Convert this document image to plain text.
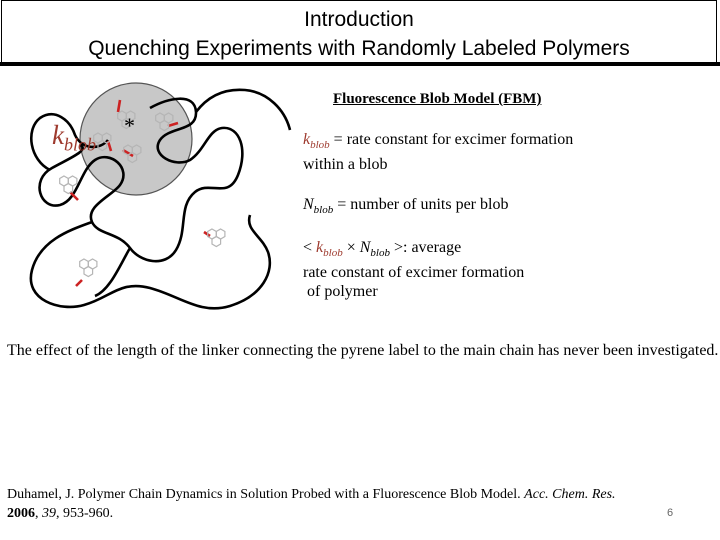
Introduction
Quenching Experiments with Randomly Labeled Polymers
*
$k_{blob}$
Fluorescence Blob Model (FBM)
$k_{blob}$ = rate constant for excimer formation
within a blob
$N_{blob}$ = number of units per blob
< $k_{blob} \times N_{blob}$ >: average
rate constant of excimer formation
of polymer
The effect of the length of the linker connecting the pyrene label to the main chain has never been investigated.
Duhamel, J. Polymer Chain Dynamics in Solution Probed with a Fluorescence Blob Model. Acc. Chem. Res.
2006, 39, 953-960.	6
